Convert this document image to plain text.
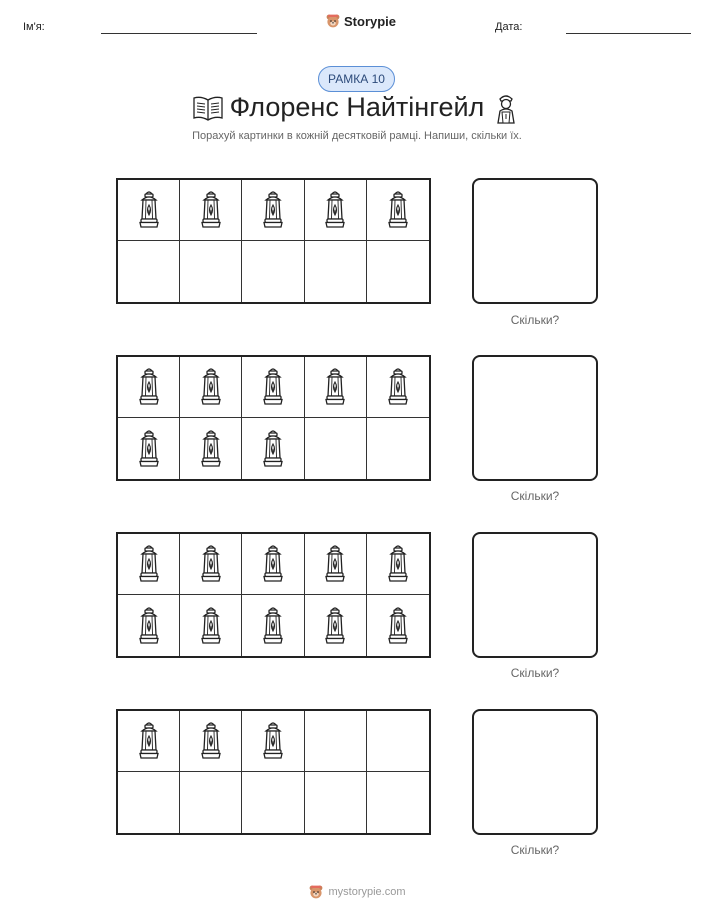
Ім'я:	Storypie	Дата:
РАМКА 10
Флоренс Найтінгейл
Порахуй картинки в кожній десятковій рамці. Напиши, скільки їх.
Скільки?
Скільки?
Скільки?
Скільки?
mystorypie.com
